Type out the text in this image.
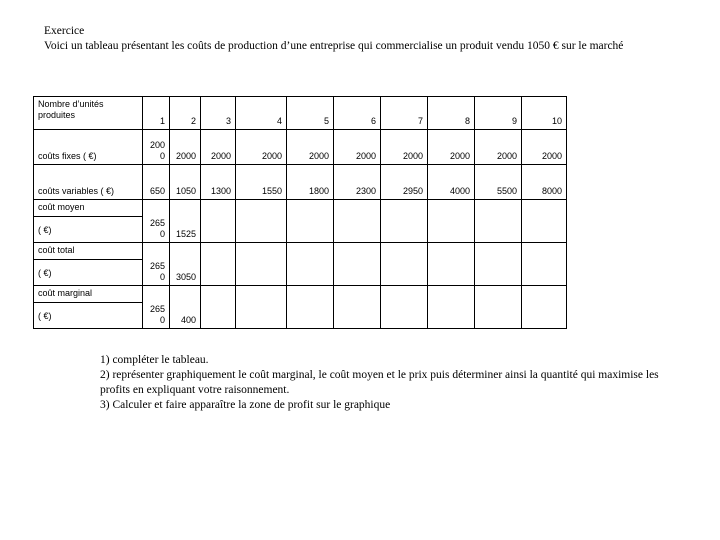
Exercice
Voici un tableau présentant les coûts de production d’une entreprise qui commercialise un produit vendu 1050 € sur le marché
Nombre d’unités produites	1	2	3	4	5	6	7	8	9	10
coûts fixes ( €)	200 0	2000	2000	2000	2000	2000	2000	2000	2000	2000
coûts variables ( €)	650	1050	1300	1550	1800	2300	2950	4000	5500	8000

coût moyen
( €)	265 0	1525								

coût total
( €)	265 0	3050								

coût marginal
( €)	265 0	400								
1) compléter le tableau.
2) représenter graphiquement le coût marginal, le coût moyen et le prix puis déterminer ainsi la quantité qui maximise les profits en expliquant votre raisonnement.
3) Calculer et faire apparaître la zone de profit sur le graphique
